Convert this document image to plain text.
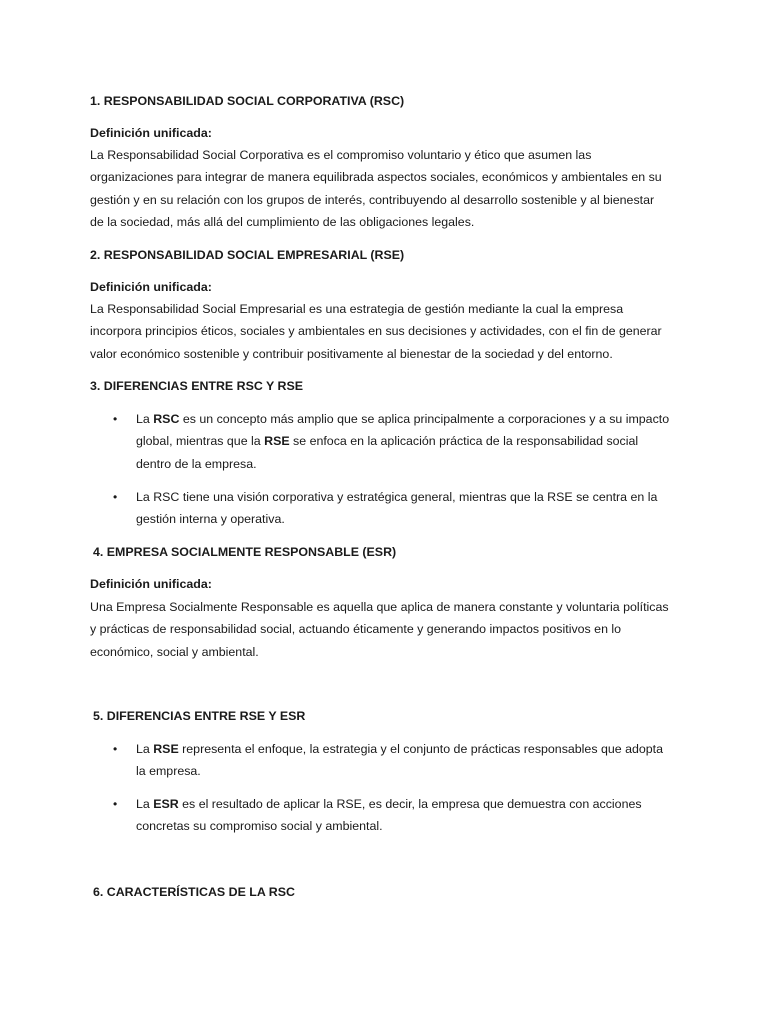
1. RESPONSABILIDAD SOCIAL CORPORATIVA (RSC)
Definición unificada:
La Responsabilidad Social Corporativa es el compromiso voluntario y ético que asumen las
organizaciones para integrar de manera equilibrada aspectos sociales, económicos y ambientales en su
gestión y en su relación con los grupos de interés, contribuyendo al desarrollo sostenible y al bienestar
de la sociedad, más allá del cumplimiento de las obligaciones legales.
2. RESPONSABILIDAD SOCIAL EMPRESARIAL (RSE)
Definición unificada:
La Responsabilidad Social Empresarial es una estrategia de gestión mediante la cual la empresa
incorpora principios éticos, sociales y ambientales en sus decisiones y actividades, con el fin de generar
valor económico sostenible y contribuir positivamente al bienestar de la sociedad y del entorno.
3. DIFERENCIAS ENTRE RSC Y RSE
•	La RSC es un concepto más amplio que se aplica principalmente a corporaciones y a su impacto
global, mientras que la RSE se enfoca en la aplicación práctica de la responsabilidad social
dentro de la empresa.
•	La RSC tiene una visión corporativa y estratégica general, mientras que la RSE se centra en la
gestión interna y operativa.
4. EMPRESA SOCIALMENTE RESPONSABLE (ESR)
Definición unificada:
Una Empresa Socialmente Responsable es aquella que aplica de manera constante y voluntaria políticas
y prácticas de responsabilidad social, actuando éticamente y generando impactos positivos en lo
económico, social y ambiental.
5. DIFERENCIAS ENTRE RSE Y ESR
•	La RSE representa el enfoque, la estrategia y el conjunto de prácticas responsables que adopta
la empresa.
•	La ESR es el resultado de aplicar la RSE, es decir, la empresa que demuestra con acciones
concretas su compromiso social y ambiental.
6. CARACTERÍSTICAS DE LA RSC
